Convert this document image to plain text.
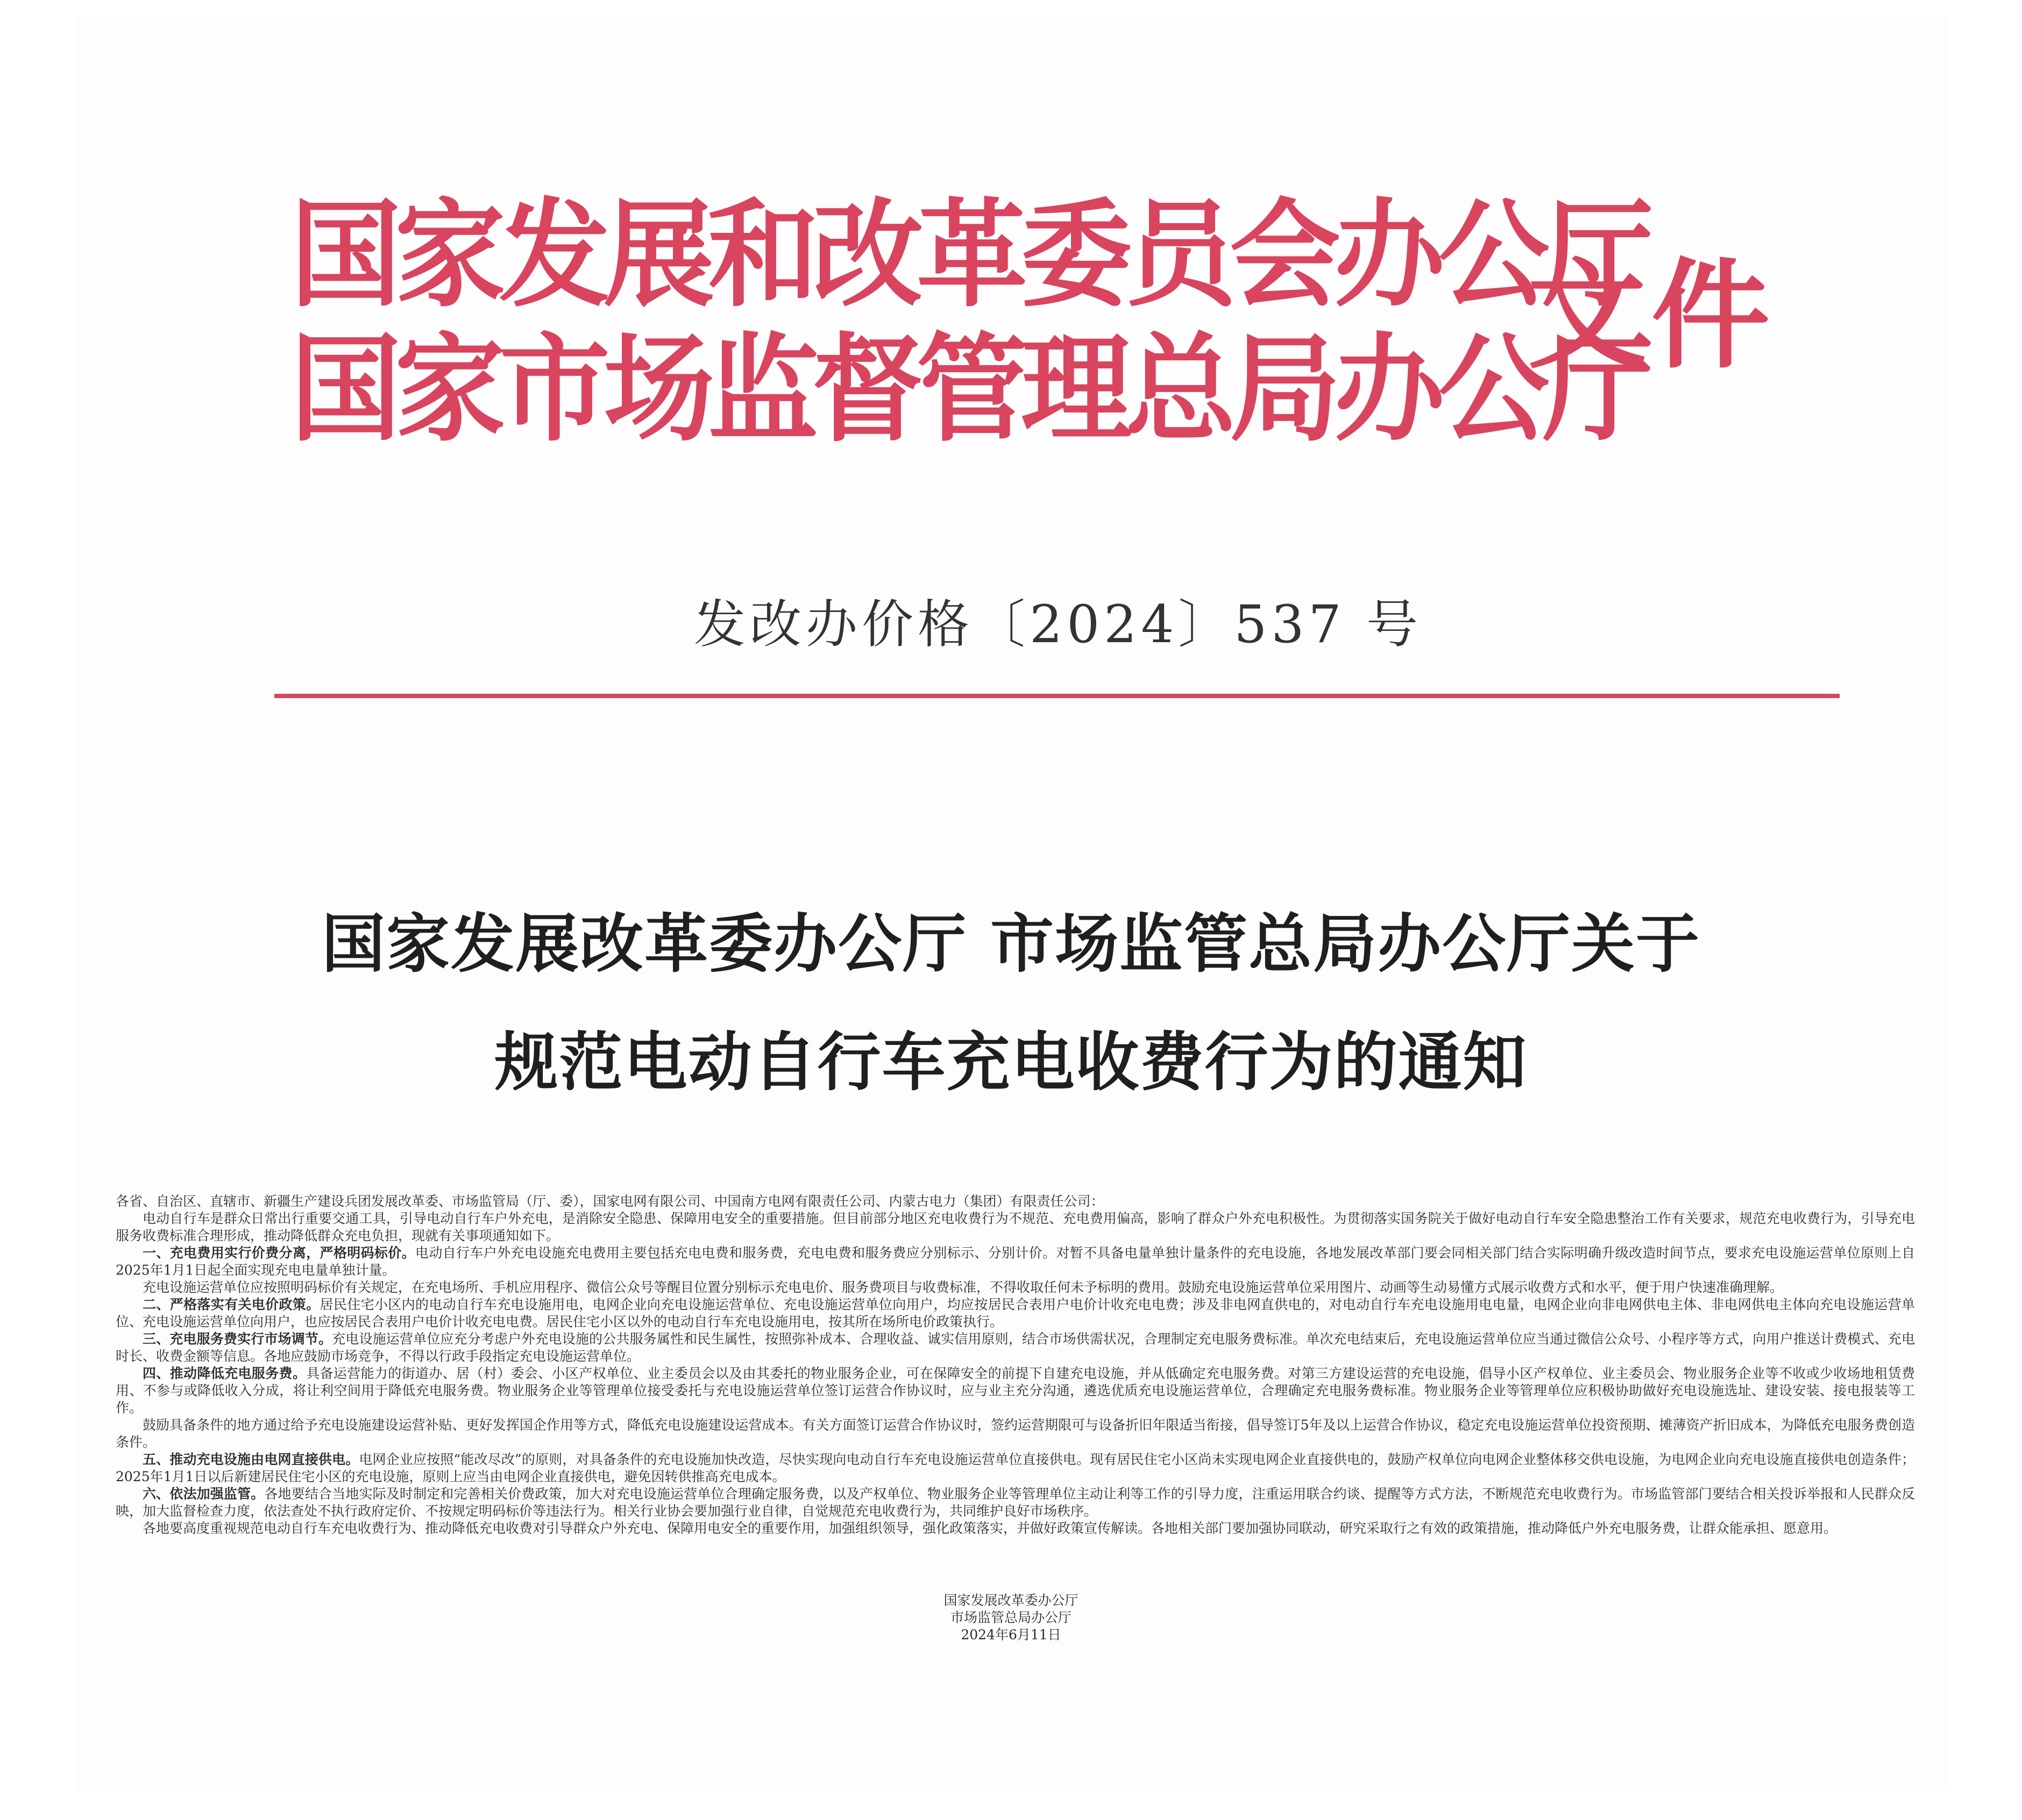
国家发展和改革委员会办公厅
国家市场监督管理总局办公厅
文件
发改办价格〔2024〕537 号
国家发展改革委办公厅 市场监管总局办公厅关于
规范电动自行车充电收费行为的通知

各省、自治区、直辖市、新疆生产建设兵团发展改革委、市场监管局（厅、委），国家电网有限公司、中国南方电网有限责任公司、内蒙古电力（集团）有限责任公司：

电动自行车是群众日常出行重要交通工具，引导电动自行车户外充电，是消除安全隐患、保障用电安全的重要措施。但目前部分地区充电收费行为不规范、充电费用偏高，影响了群众户外充电积极性。为贯彻落实国务院关于做好电动自行车安全隐患整治工作有关要求，规范充电收费行为，引导充电服务收费标准合理形成，推动降低群众充电负担，现就有关事项通知如下。

一、充电费用实行价费分离，严格明码标价。电动自行车户外充电设施充电费用主要包括充电电费和服务费，充电电费和服务费应分别标示、分别计价。对暂不具备电量单独计量条件的充电设施，各地发展改革部门要会同相关部门结合实际明确升级改造时间节点，要求充电设施运营单位原则上自2025年1月1日起全面实现充电电量单独计量。

充电设施运营单位应按照明码标价有关规定，在充电场所、手机应用程序、微信公众号等醒目位置分别标示充电电价、服务费项目与收费标准，不得收取任何未予标明的费用。鼓励充电设施运营单位采用图片、动画等生动易懂方式展示收费方式和水平，便于用户快速准确理解。

二、严格落实有关电价政策。居民住宅小区内的电动自行车充电设施用电，电网企业向充电设施运营单位、充电设施运营单位向用户，均应按居民合表用户电价计收充电电费；涉及非电网直供电的，对电动自行车充电设施用电电量，电网企业向非电网供电主体、非电网供电主体向充电设施运营单位、充电设施运营单位向用户，也应按居民合表用户电价计收充电电费。居民住宅小区以外的电动自行车充电设施用电，按其所在场所电价政策执行。

三、充电服务费实行市场调节。充电设施运营单位应充分考虑户外充电设施的公共服务属性和民生属性，按照弥补成本、合理收益、诚实信用原则，结合市场供需状况，合理制定充电服务费标准。单次充电结束后，充电设施运营单位应当通过微信公众号、小程序等方式，向用户推送计费模式、充电时长、收费金额等信息。各地应鼓励市场竞争，不得以行政手段指定充电设施运营单位。

四、推动降低充电服务费。具备运营能力的街道办、居（村）委会、小区产权单位、业主委员会以及由其委托的物业服务企业，可在保障安全的前提下自建充电设施，并从低确定充电服务费。对第三方建设运营的充电设施，倡导小区产权单位、业主委员会、物业服务企业等不收或少收场地租赁费用、不参与或降低收入分成，将让利空间用于降低充电服务费。物业服务企业等管理单位接受委托与充电设施运营单位签订运营合作协议时，应与业主充分沟通，遴选优质充电设施运营单位，合理确定充电服务费标准。物业服务企业等管理单位应积极协助做好充电设施选址、建设安装、接电报装等工作。

鼓励具备条件的地方通过给予充电设施建设运营补贴、更好发挥国企作用等方式，降低充电设施建设运营成本。有关方面签订运营合作协议时，签约运营期限可与设备折旧年限适当衔接，倡导签订5年及以上运营合作协议，稳定充电设施运营单位投资预期、摊薄资产折旧成本，为降低充电服务费创造条件。

五、推动充电设施由电网直接供电。电网企业应按照“能改尽改”的原则，对具备条件的充电设施加快改造，尽快实现向电动自行车充电设施运营单位直接供电。现有居民住宅小区尚未实现电网企业直接供电的，鼓励产权单位向电网企业整体移交供电设施，为电网企业向充电设施直接供电创造条件；2025年1月1日以后新建居民住宅小区的充电设施，原则上应当由电网企业直接供电，避免因转供推高充电成本。

六、依法加强监管。各地要结合当地实际及时制定和完善相关价费政策，加大对充电设施运营单位合理确定服务费，以及产权单位、物业服务企业等管理单位主动让利等工作的引导力度，注重运用联合约谈、提醒等方式方法，不断规范充电收费行为。市场监管部门要结合相关投诉举报和人民群众反映，加大监督检查力度，依法查处不执行政府定价、不按规定明码标价等违法行为。相关行业协会要加强行业自律，自觉规范充电收费行为，共同维护良好市场秩序。

各地要高度重视规范电动自行车充电收费行为、推动降低充电收费对引导群众户外充电、保障用电安全的重要作用，加强组织领导，强化政策落实，并做好政策宣传解读。各地相关部门要加强协同联动，研究采取行之有效的政策措施，推动降低户外充电服务费，让群众能承担、愿意用。

国家发展改革委办公厅
市场监管总局办公厅
2024年6月11日
